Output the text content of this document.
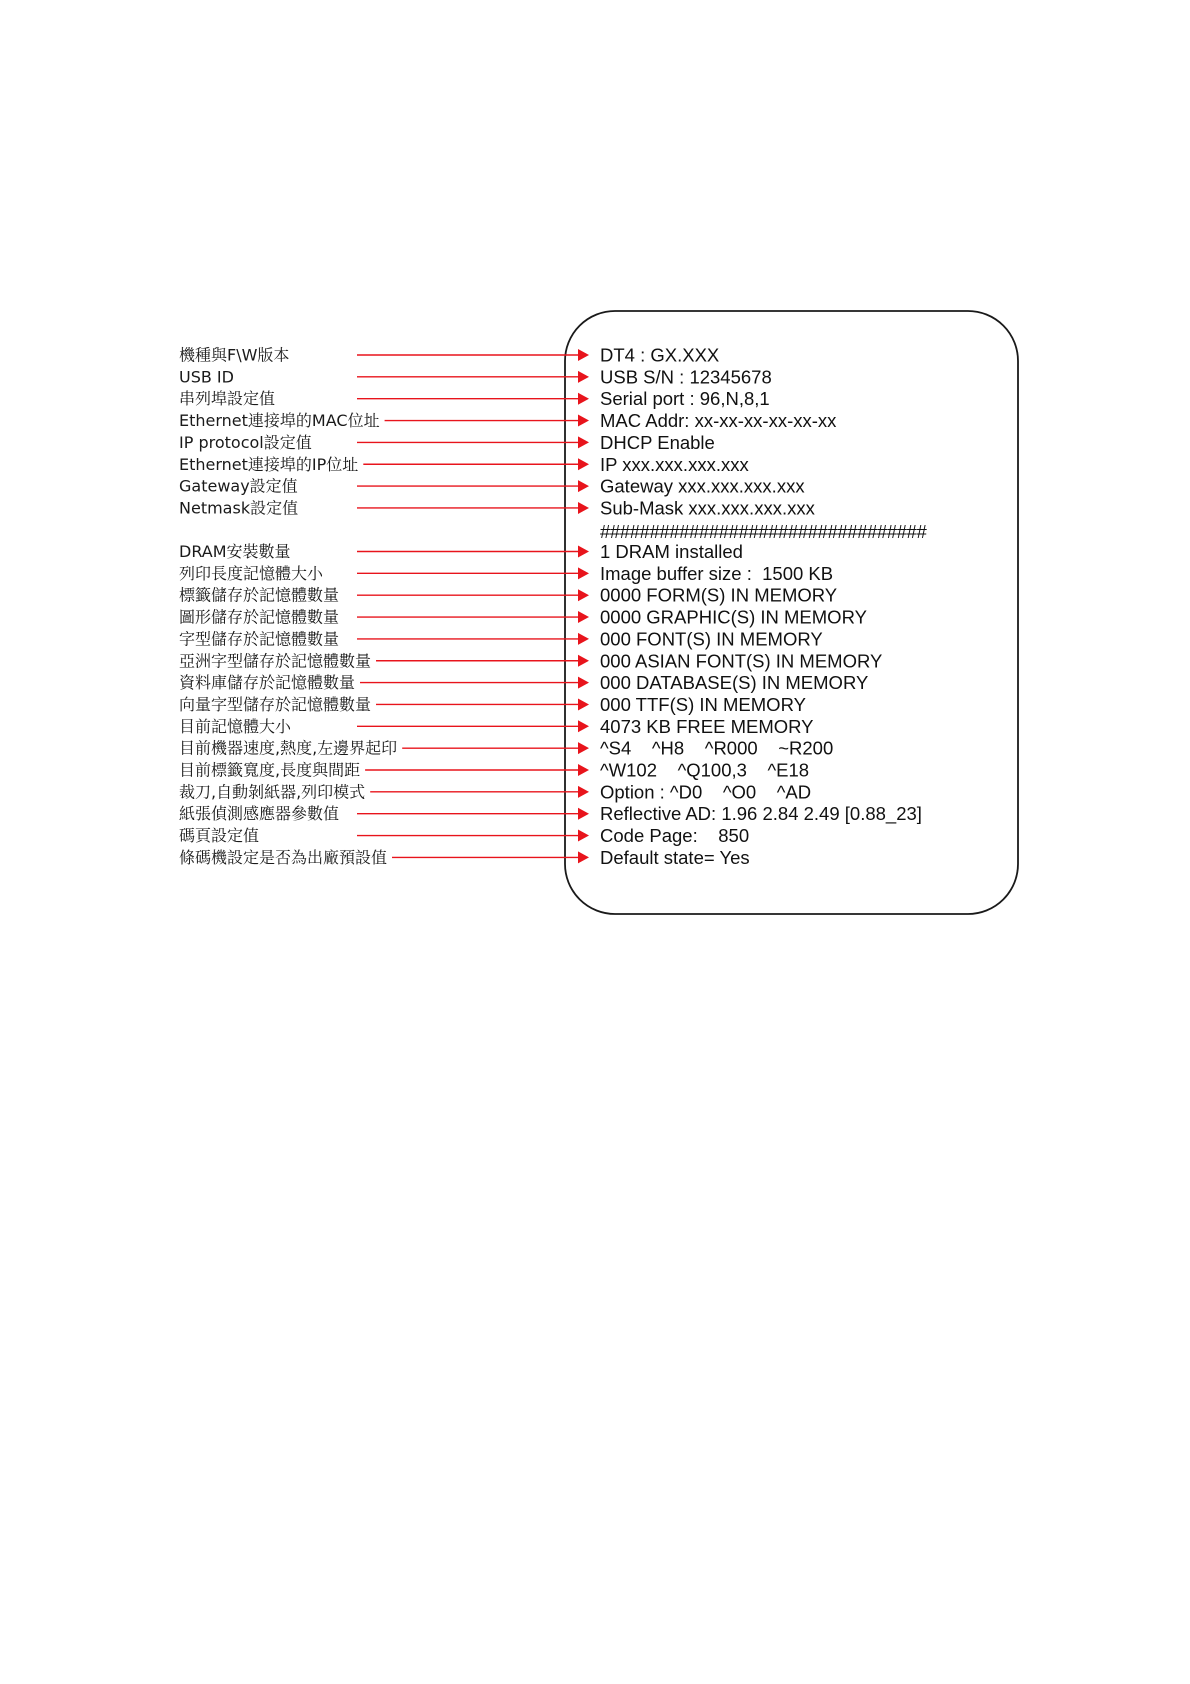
機種與F\W版本	DT4 : GX.XXX
USB ID	USB S/N : 12345678
串列埠設定值	Serial port : 96,N,8,1
Ethernet連接埠的MAC位址	MAC Addr: xx-xx-xx-xx-xx-xx
IP protocol設定值	DHCP Enable
Ethernet連接埠的IP位址	IP xxx.xxx.xxx.xxx
Gateway設定值	Gateway xxx.xxx.xxx.xxx
Netmask設定值	Sub-Mask xxx.xxx.xxx.xxx
#################################
DRAM安裝數量	1 DRAM installed
列印長度記憶體大小	Image buffer size :  1500 KB
標籤儲存於記憶體數量	0000 FORM(S) IN MEMORY
圖形儲存於記憶體數量	0000 GRAPHIC(S) IN MEMORY
字型儲存於記憶體數量	000 FONT(S) IN MEMORY
亞洲字型儲存於記憶體數量	000 ASIAN FONT(S) IN MEMORY
資料庫儲存於記憶體數量	000 DATABASE(S) IN MEMORY
向量字型儲存於記憶體數量	000 TTF(S) IN MEMORY
目前記憶體大小	4073 KB FREE MEMORY
目前機器速度,熱度,左邊界起印	^S4    ^H8    ^R000    ~R200
目前標籤寬度,長度與間距	^W102    ^Q100,3    ^E18
裁刀,自動剝紙器,列印模式	Option : ^D0    ^O0    ^AD
紙張偵測感應器參數值	Reflective AD: 1.96 2.84 2.49 [0.88_23]
碼頁設定值	Code Page:    850
條碼機設定是否為出廠預設值	Default state= Yes
